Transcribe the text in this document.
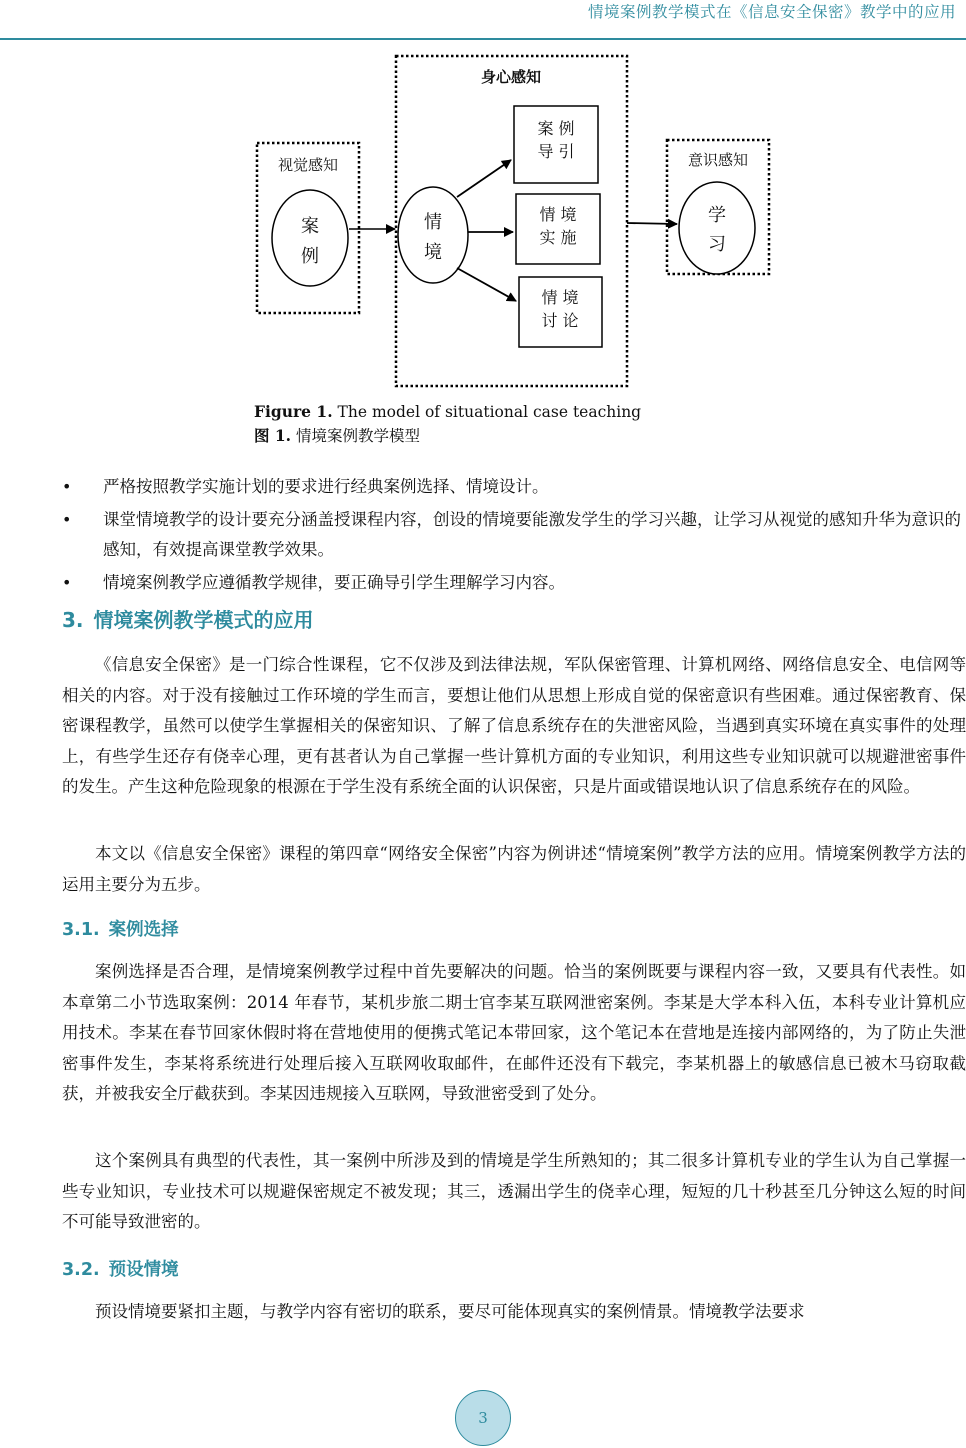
情境案例教学模式在《信息安全保密》教学中的应用
视觉感知
身心感知
意识感知
案
例
情
境
学
习
案 例
导 引
情 境
实 施
情 境
讨 论
Figure 1. The model of situational case teaching
图 1. 情境案例教学模型
• 严格按照教学实施计划的要求进行经典案例选择、情境设计。
• 课堂情境教学的设计要充分涵盖授课程内容，创设的情境要能激发学生的学习兴趣，让学习从视觉的感知升华为意识的感知，有效提高课堂教学效果。
• 情境案例教学应遵循教学规律，要正确导引学生理解学习内容。
3. 情境案例教学模式的应用

《信息安全保密》是一门综合性课程，它不仅涉及到法律法规，军队保密管理、计算机网络、网络信息安全、电信网等相关的内容。对于没有接触过工作环境的学生而言，要想让他们从思想上形成自觉的保密意识有些困难。通过保密教育、保密课程教学，虽然可以使学生掌握相关的保密知识、了解了信息系统存在的失泄密风险，当遇到真实环境在真实事件的处理上，有些学生还存有侥幸心理，更有甚者认为自己掌握一些计算机方面的专业知识，利用这些专业知识就可以规避泄密事件的发生。产生这种危险现象的根源在于学生没有系统全面的认识保密，只是片面或错误地认识了信息系统存在的风险。

本文以《信息安全保密》课程的第四章“网络安全保密”内容为例讲述“情境案例”教学方法的应用。情境案例教学方法的运用主要分为五步。

3.1. 案例选择

案例选择是否合理，是情境案例教学过程中首先要解决的问题。恰当的案例既要与课程内容一致，又要具有代表性。如本章第二小节选取案例：2014 年春节，某机步旅二期士官李某互联网泄密案例。李某是大学本科入伍，本科专业计算机应用技术。李某在春节回家休假时将在营地使用的便携式笔记本带回家，这个笔记本在营地是连接内部网络的，为了防止失泄密事件发生，李某将系统进行处理后接入互联网收取邮件，在邮件还没有下载完，李某机器上的敏感信息已被木马窃取截获，并被我安全厅截获到。李某因违规接入互联网，导致泄密受到了处分。

这个案例具有典型的代表性，其一案例中所涉及到的情境是学生所熟知的；其二很多计算机专业的学生认为自己掌握一些专业知识，专业技术可以规避保密规定不被发现；其三，透漏出学生的侥幸心理，短短的几十秒甚至几分钟这么短的时间不可能导致泄密的。

3.2. 预设情境

预设情境要紧扣主题，与教学内容有密切的联系，要尽可能体现真实的案例情景。情境教学法要求

3
